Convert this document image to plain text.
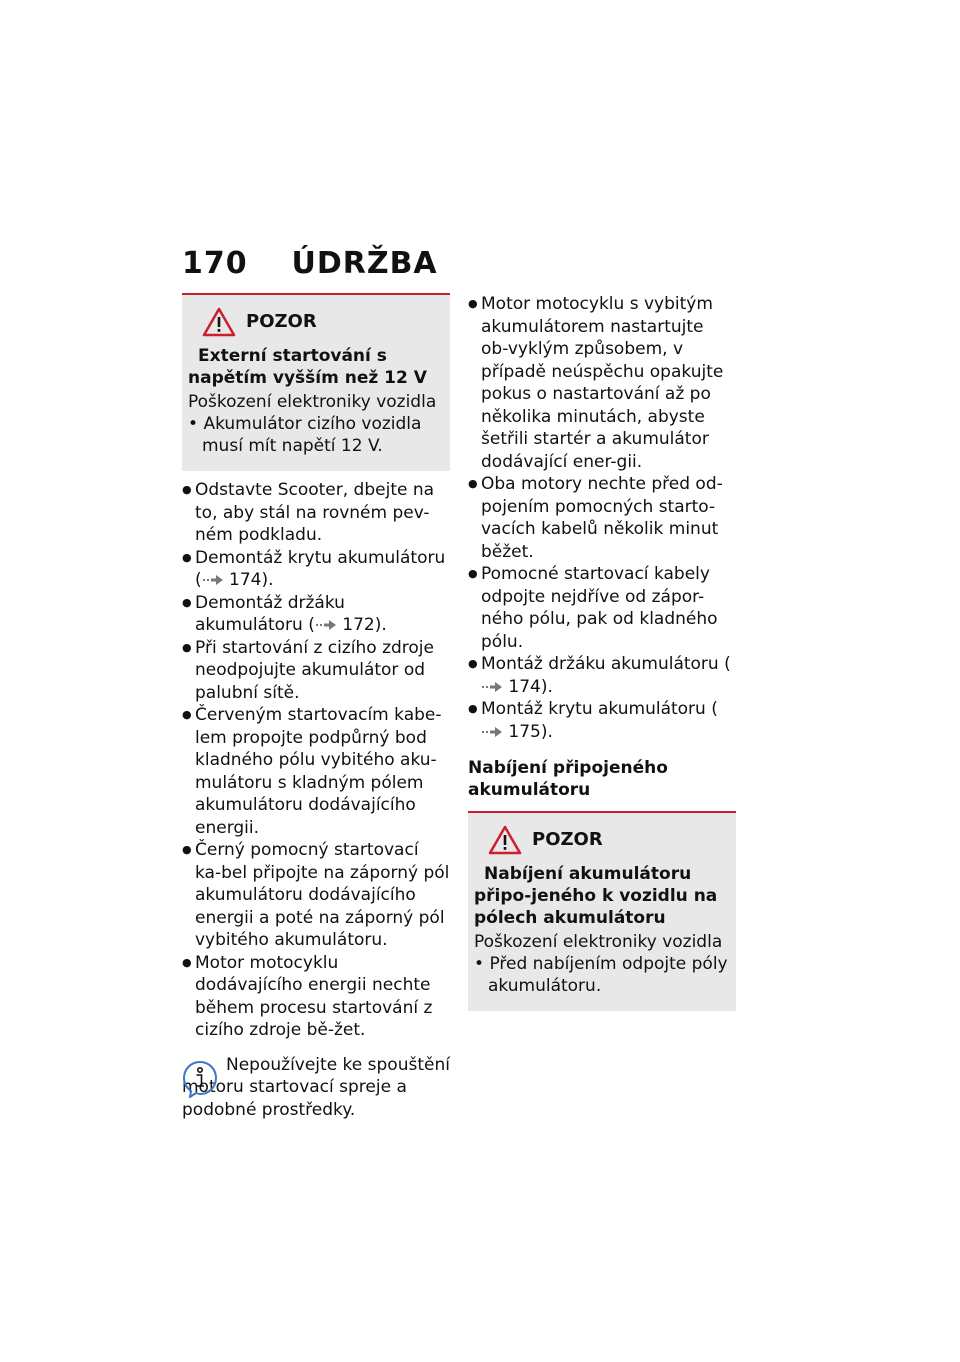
170 ÚDRŽBA
POZOR
Externí startování s napětím vyšším než 12 V
Poškození elektroniky vozidla
• Akumulátor cizího vozidla musí mít napětí 12 V.
● Odstavte Scooter, dbejte na to, aby stál na rovném pev-ném podkladu.
● Demontáž krytu akumulátoru ( 174).
● Demontáž držáku akumulátoru ( 172).
● Při startování z cizího zdroje neodpojujte akumulátor od palubní sítě.
● Červeným startovacím kabe-lem propojte podpůrný bod kladného pólu vybitého aku-mulátoru s kladným pólem akumulátoru dodávajícího energii.
● Černý pomocný startovací ka-bel připojte na záporný pól akumulátoru dodávajícího energii a poté na záporný pól vybitého akumulátoru.
● Motor motocyklu dodávajícího energii nechte během procesu startování z cizího zdroje bě-žet.
Nepoužívejte ke spouštění motoru startovací spreje a podobné prostředky.
● Motor motocyklu s vybitým akumulátorem nastartujte ob-vyklým způsobem, v případě neúspěchu opakujte pokus o nastartování až po několika minutách, abyste šetřili startér a akumulátor dodávající ener-gii.
● Oba motory nechte před od-pojením pomocných starto-vacích kabelů několik minut běžet.
● Pomocné startovací kabely odpojte nejdříve od zápor-ného pólu, pak od kladného pólu.
● Montáž držáku akumulátoru ( 174).
● Montáž krytu akumulátoru ( 175).
Nabíjení připojeného akumulátoru
POZOR
Nabíjení akumulátoru připo-jeného k vozidlu na pólech akumulátoru
Poškození elektroniky vozidla
• Před nabíjením odpojte póly akumulátoru.
